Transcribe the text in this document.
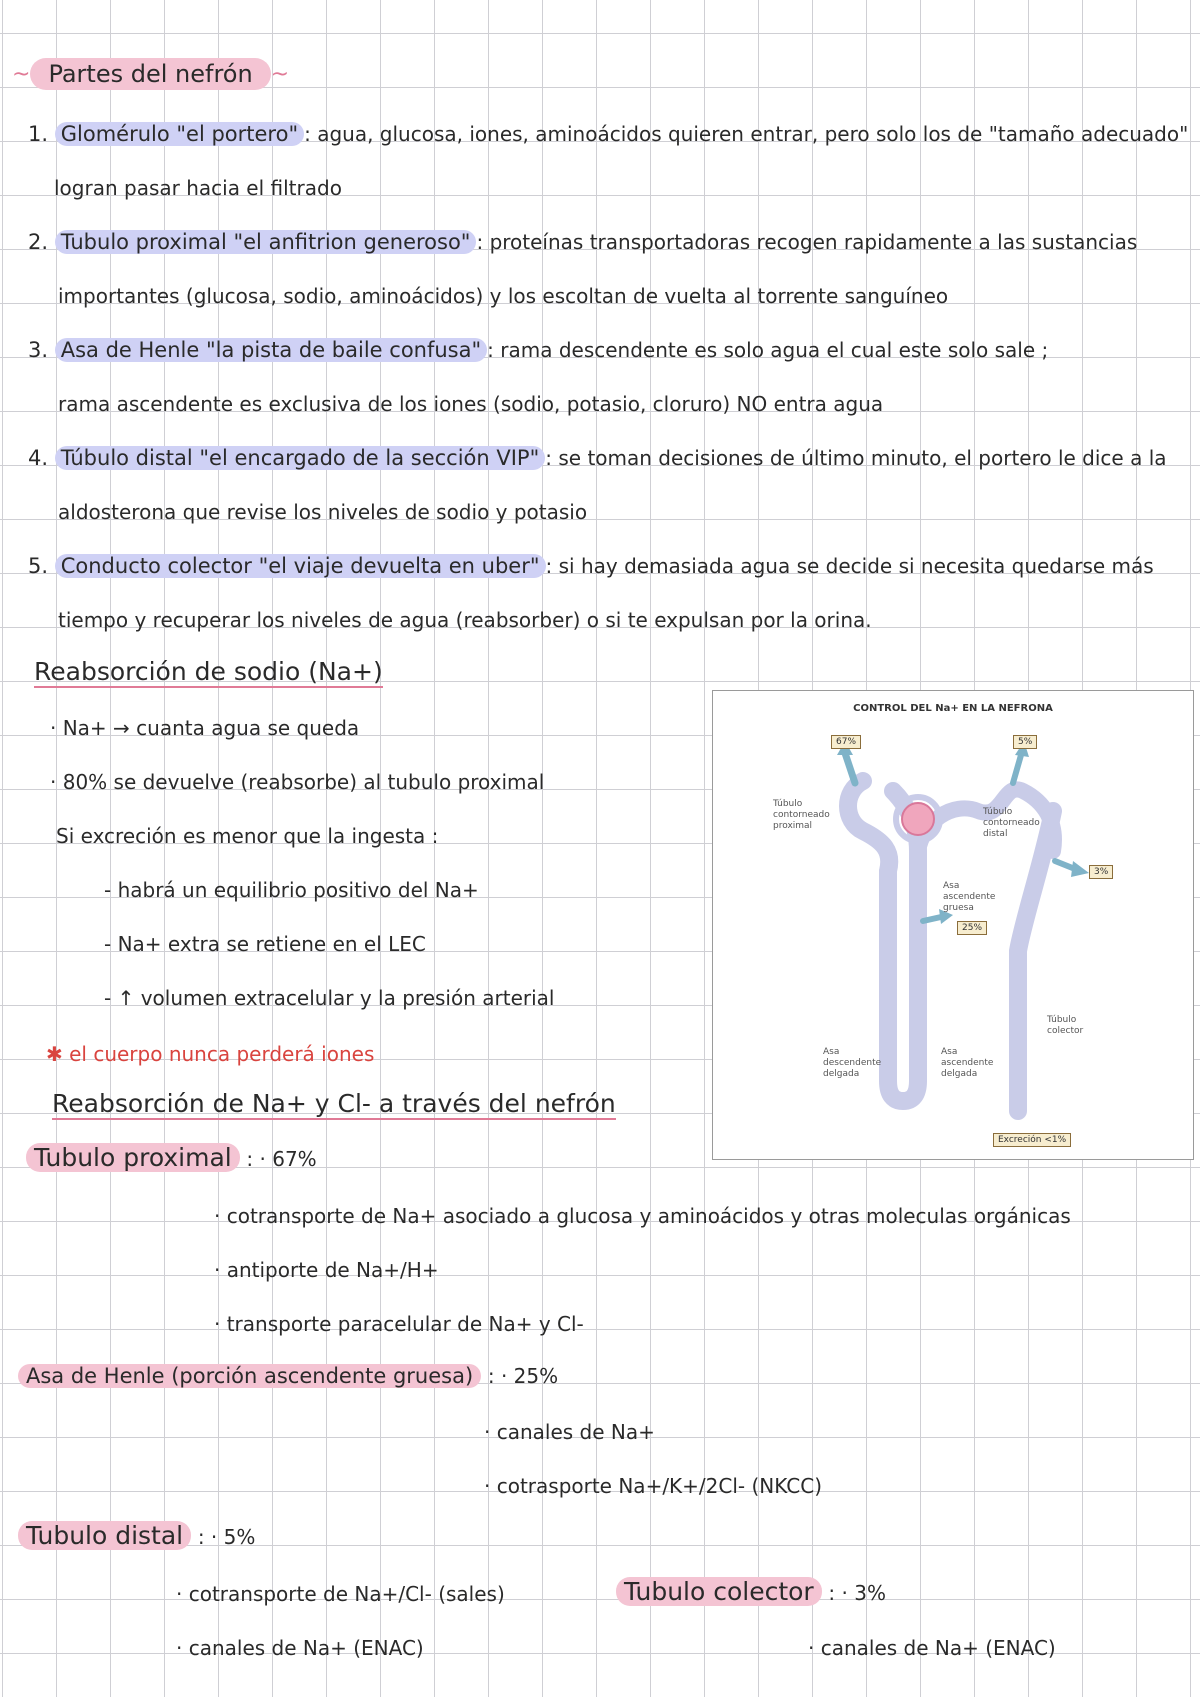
~ Partes del nefrón ~
1. Glomérulo "el portero" : agua, glucosa, iones, aminoácidos quieren entrar, pero solo los de "tamaño adecuado"
logran pasar hacia el filtrado
2. Tubulo proximal "el anfitrion generoso" : proteínas transportadoras recogen rapidamente a las sustancias
importantes (glucosa, sodio, aminoácidos) y los escoltan de vuelta al torrente sanguíneo
3. Asa de Henle "la pista de baile confusa" : rama descendente es solo agua el cual este solo sale ;
rama ascendente es exclusiva de los iones (sodio, potasio, cloruro) NO entra agua
4. Túbulo distal "el encargado de la sección VIP" : se toman decisiones de último minuto, el portero le dice a la
aldosterona que revise los niveles de sodio y potasio
5. Conducto colector "el viaje devuelta en uber" : si hay demasiada agua se decide si necesita quedarse más
tiempo y recuperar los niveles de agua (reabsorber) o si te expulsan por la orina.
Reabsorción de sodio (Na+)
· Na+ → cuanta agua se queda
· 80% se devuelve (reabsorbe) al tubulo proximal
Si excreción es menor que la ingesta :
- habrá un equilibrio positivo del Na+
- Na+ extra se retiene en el LEC
- ↑ volumen extracelular y la presión arterial
✱ el cuerpo nunca perderá iones
Reabsorción de Na+ y Cl- a través del nefrón
Tubulo proximal : · 67%
· cotransporte de Na+ asociado a glucosa y aminoácidos y otras moleculas orgánicas
· antiporte de Na+/H+
· transporte paracelular de Na+ y Cl-
Asa de Henle (porción ascendente gruesa) : · 25%
· canales de Na+
· cotrasporte Na+/K+/2Cl- (NKCC)
Tubulo distal : · 5%
· cotransporte de Na+/Cl- (sales)
· canales de Na+ (ENAC)
Tubulo colector : · 3%
· canales de Na+ (ENAC)
CONTROL DEL Na+ EN LA NEFRONA
67%	5%
3%
25%
Excreción <1%
Túbulo contorneado proximal
Túbulo contorneado distal
Asa ascendente gruesa
Túbulo colector
Asa descendente delgada
Asa ascendente delgada
